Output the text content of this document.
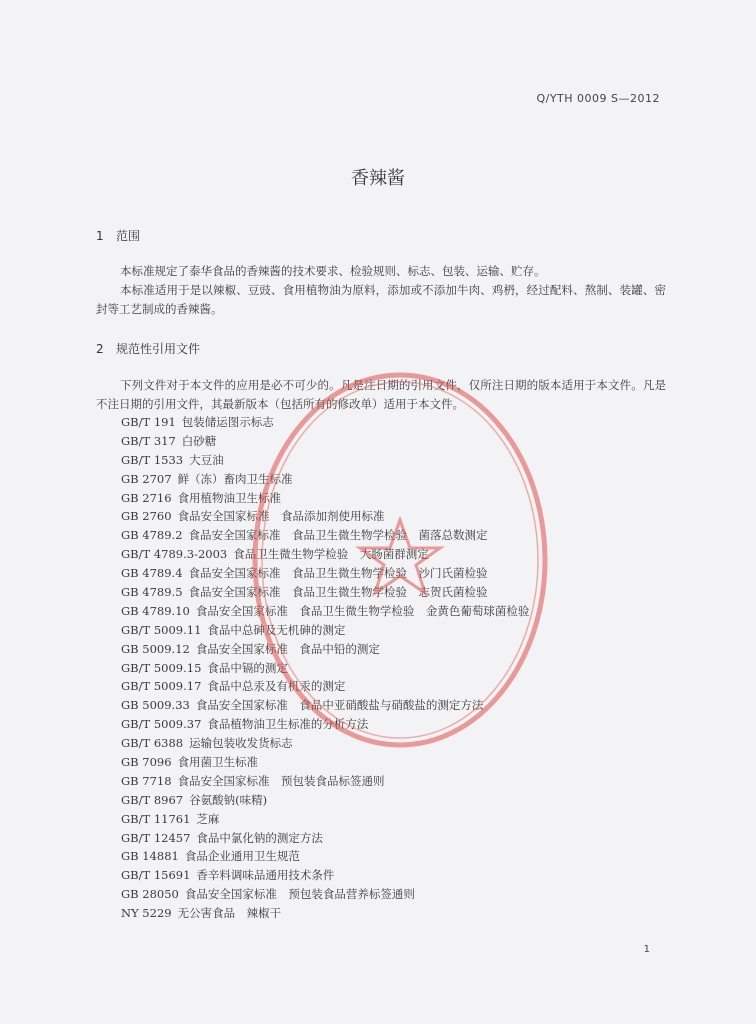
Q/YTH 0009 S—2012
香辣酱
1 范围
本标准规定了泰华食品的香辣酱的技术要求、检验规则、标志、包装、运输、贮存。
本标准适用于是以辣椒、豆豉、食用植物油为原料，添加或不添加牛肉、鸡枬，经过配料、熬制、装罐、密封等工艺制成的香辣酱。
2 规范性引用文件
下列文件对于本文件的应用是必不可少的。凡是注日期的引用文件，仅所注日期的版本适用于本文件。凡是不注日期的引用文件，其最新版本（包括所有的修改单）适用于本文件。
GB/T 191 包装储运图示标志
GB/T 317 白砂糖
GB/T 1533 大豆油
GB 2707 鲜（冻）畜肉卫生标准
GB 2716 食用植物油卫生标准
GB 2760 食品安全国家标准　食品添加剂使用标准
GB 4789.2 食品安全国家标准　食品卫生微生物学检验　菌落总数测定
GB/T 4789.3-2003 食品卫生微生物学检验　大肠菌群测定
GB 4789.4 食品安全国家标准　食品卫生微生物学检验　沙门氏菌检验
GB 4789.5 食品安全国家标准　食品卫生微生物学检验　志贺氏菌检验
GB 4789.10 食品安全国家标准　食品卫生微生物学检验　金黄色葡萄球菌检验
GB/T 5009.11 食品中总砷及无机砷的测定
GB 5009.12 食品安全国家标准　食品中铅的测定
GB/T 5009.15 食品中镉的测定
GB/T 5009.17 食品中总汞及有机汞的测定
GB 5009.33 食品安全国家标准　食品中亚硝酸盐与硝酸盐的测定方法
GB/T 5009.37 食品植物油卫生标准的分析方法
GB/T 6388 运输包装收发货标志
GB 7096 食用菌卫生标准
GB 7718 食品安全国家标准　预包装食品标签通则
GB/T 8967 谷氨酸钠(味精)
GB/T 11761 芝麻
GB/T 12457 食品中氯化钠的测定方法
GB 14881 食品企业通用卫生规范
GB/T 15691 香辛料调味品通用技术条件
GB 28050 食品安全国家标准　预包装食品营养标签通则
NY 5229 无公害食品　辣椒干
1
